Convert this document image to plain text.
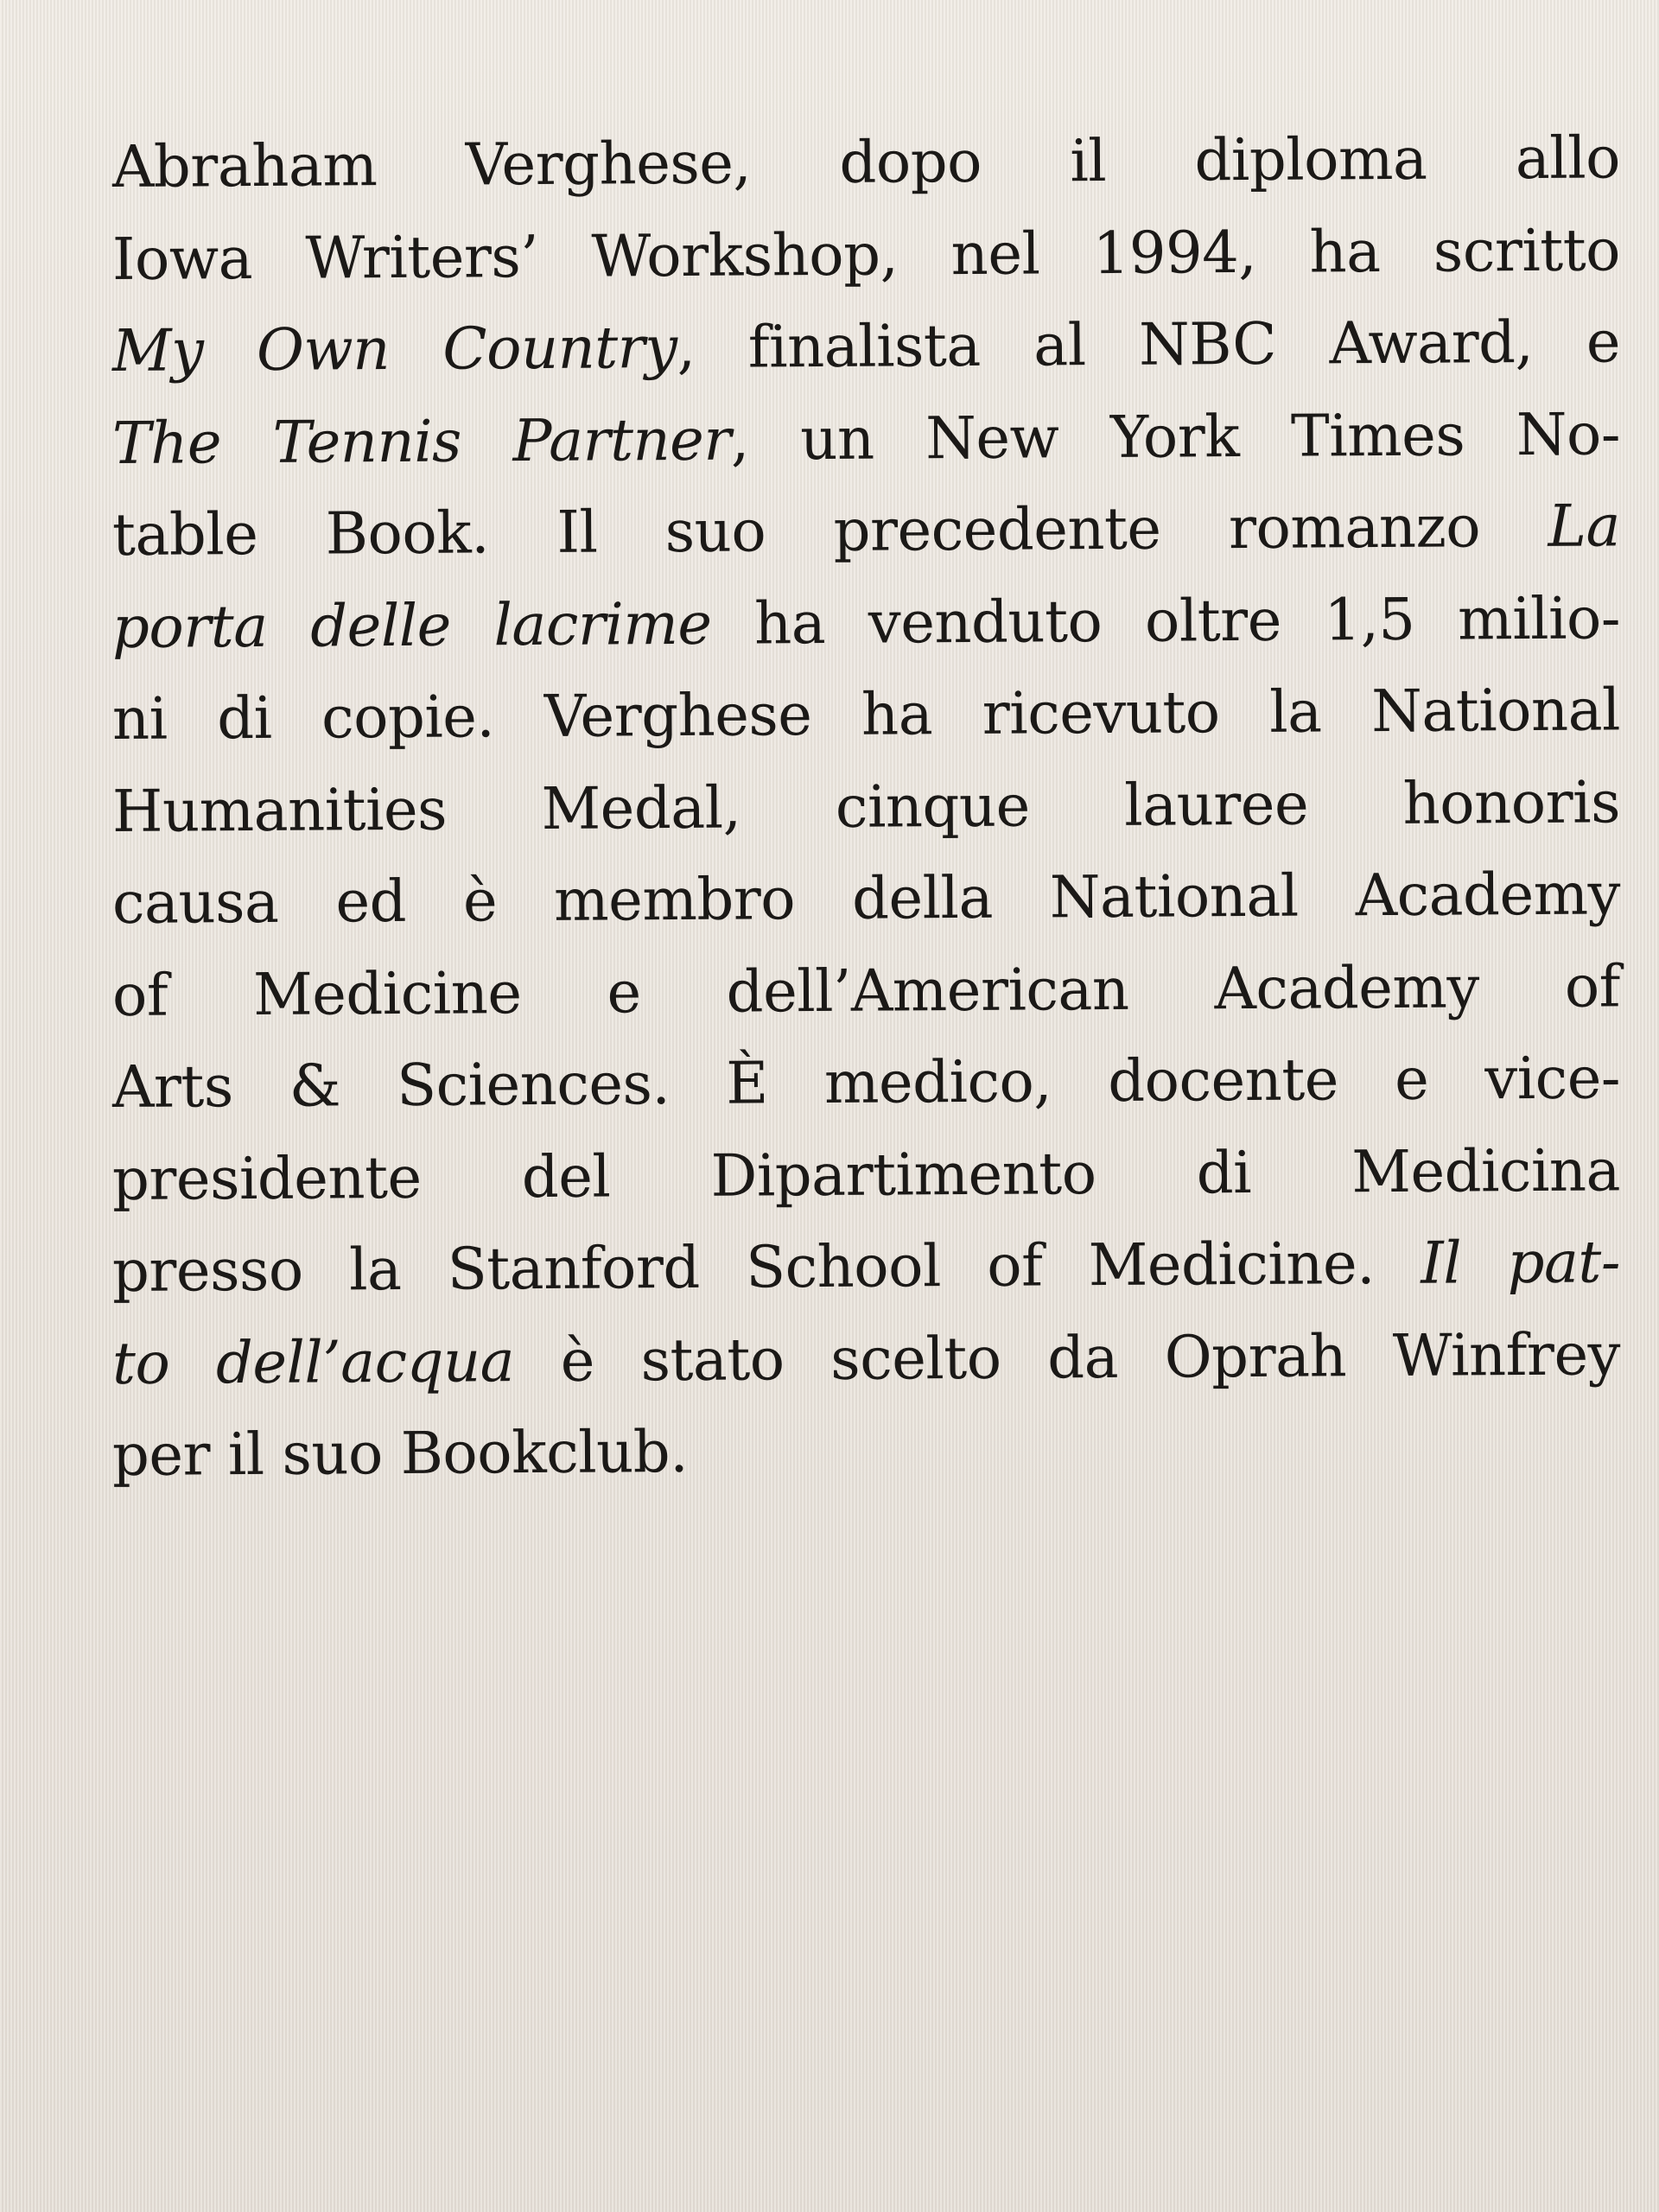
Abraham Verghese, dopo il diploma allo
Iowa Writers’ Workshop, nel 1994, ha scritto
My Own Country, finalista al NBC Award, e
The Tennis Partner, un New York Times No-
table Book. Il suo precedente romanzo La
porta delle lacrime ha venduto oltre 1,5 milio-
ni di copie. Verghese ha ricevuto la National
Humanities Medal, cinque lauree honoris
causa ed è membro della National Academy
of Medicine e dell’American Academy of
Arts & Sciences. È medico, docente e vice-
presidente del Dipartimento di Medicina
presso la Stanford School of Medicine. Il pat-
to dell’acqua è stato scelto da Oprah Winfrey
per il suo Bookclub.
